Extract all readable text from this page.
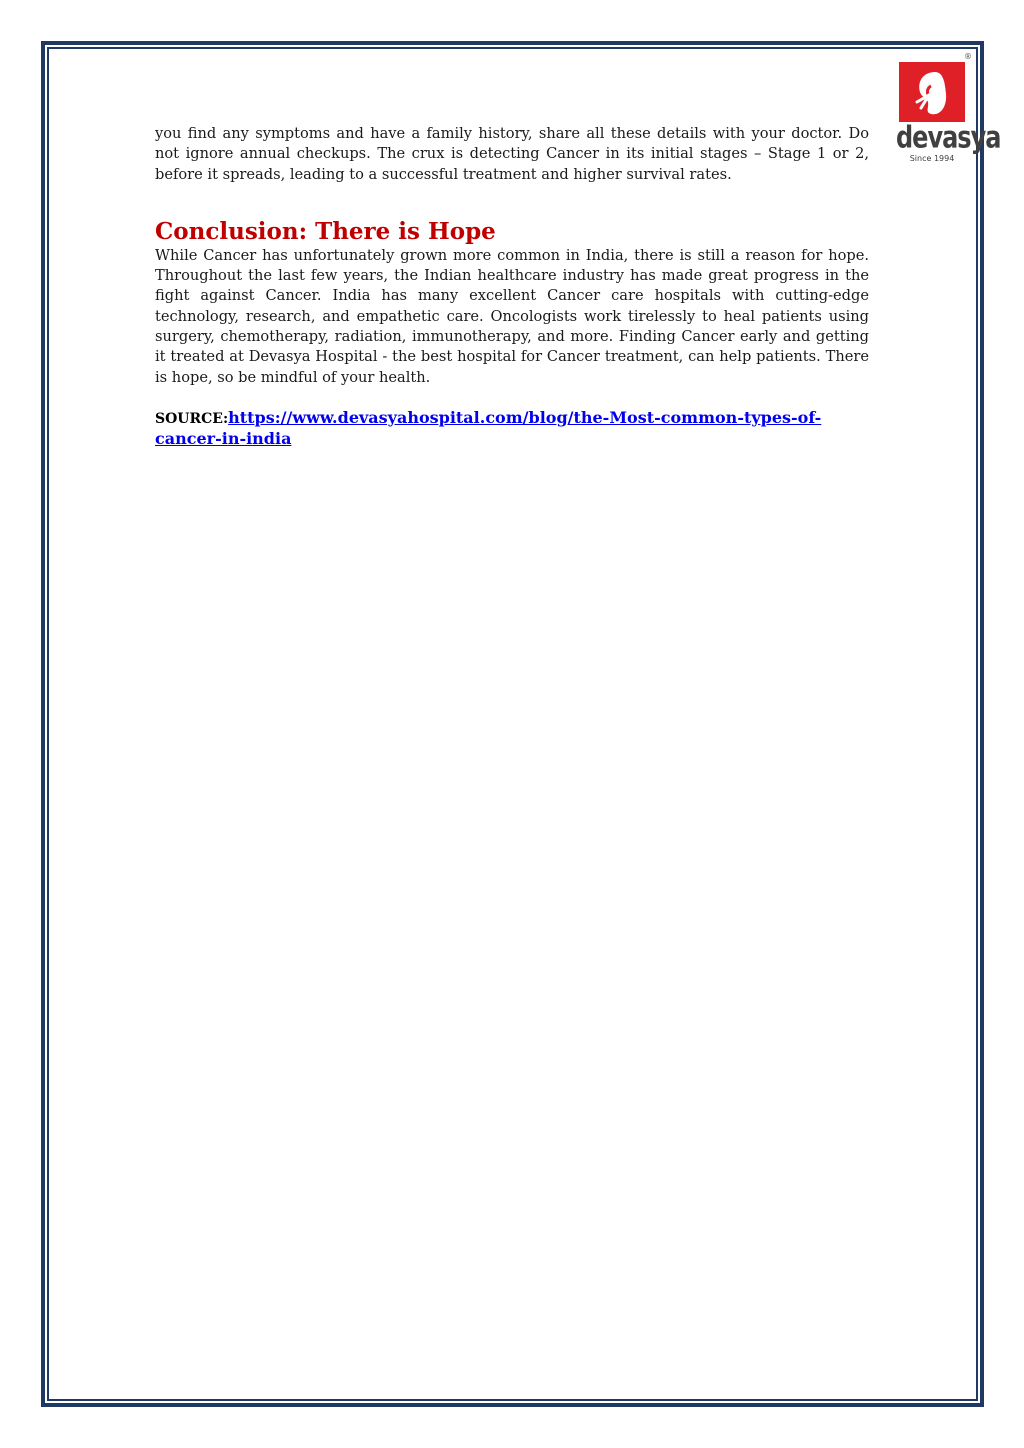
®
devasya
Since 1994

you find any symptoms and have a family history, share all these details with your doctor. Do not ignore annual checkups. The crux is detecting Cancer in its initial stages – Stage 1 or 2, before it spreads, leading to a successful treatment and higher survival rates.

Conclusion: There is Hope

While Cancer has unfortunately grown more common in India, there is still a reason for hope. Throughout the last few years, the Indian healthcare industry has made great progress in the fight against Cancer. India has many excellent Cancer care hospitals with cutting-edge technology, research, and empathetic care. Oncologists work tirelessly to heal patients using surgery, chemotherapy, radiation, immunotherapy, and more. Finding Cancer early and getting it treated at Devasya Hospital - the best hospital for Cancer treatment, can help patients. There is hope, so be mindful of your health.

SOURCE:https://www.devasyahospital.com/blog/the-Most-common-types-of-cancer-in-india
